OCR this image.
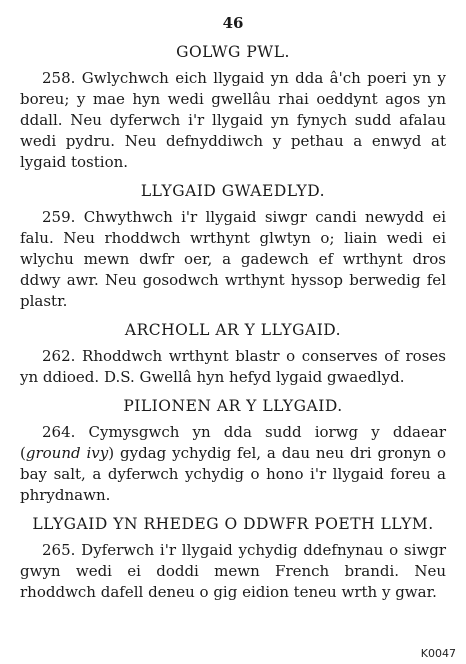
46
GOLWG PWL.

258. Gwlychwch eich llygaid yn dda â'ch poeri yn y boreu; y mae hyn wedi gwellâu rhai oeddynt agos yn ddall. Neu dyferwch i'r llygaid yn fynych sudd afalau wedi pydru. Neu defnyddiwch y pethau a enwyd at lygaid tostion.

LLYGAID GWAEDLYD.

259. Chwythwch i'r llygaid siwgr candi newydd ei falu. Neu rhoddwch wrthynt glwtyn o; liain wedi ei wlychu mewn dwfr oer, a gadewch ef wrthynt dros ddwy awr. Neu gosodwch wrthynt hyssop berwedig fel plastr.

ARCHOLL AR Y LLYGAID.

262. Rhoddwch wrthynt blastr o conserves of roses yn ddioed. D.S. Gwellâ hyn hefyd lygaid gwaedlyd.

PILIONEN AR Y LLYGAID.

264. Cymysgwch yn dda sudd iorwg y ddaear (ground ivy) gydag ychydig fel, a dau neu dri gronyn o bay salt, a dyferwch ychydig o hono i'r llygaid foreu a phrydnawn.

LLYGAID YN RHEDEG O DDWFR POETH LLYM.

265. Dyferwch i'r llygaid ychydig ddefnynau o siwgr gwyn wedi ei doddi mewn French brandi. Neu rhoddwch dafell deneu o gig eidion teneu wrth y gwar.

K0047
